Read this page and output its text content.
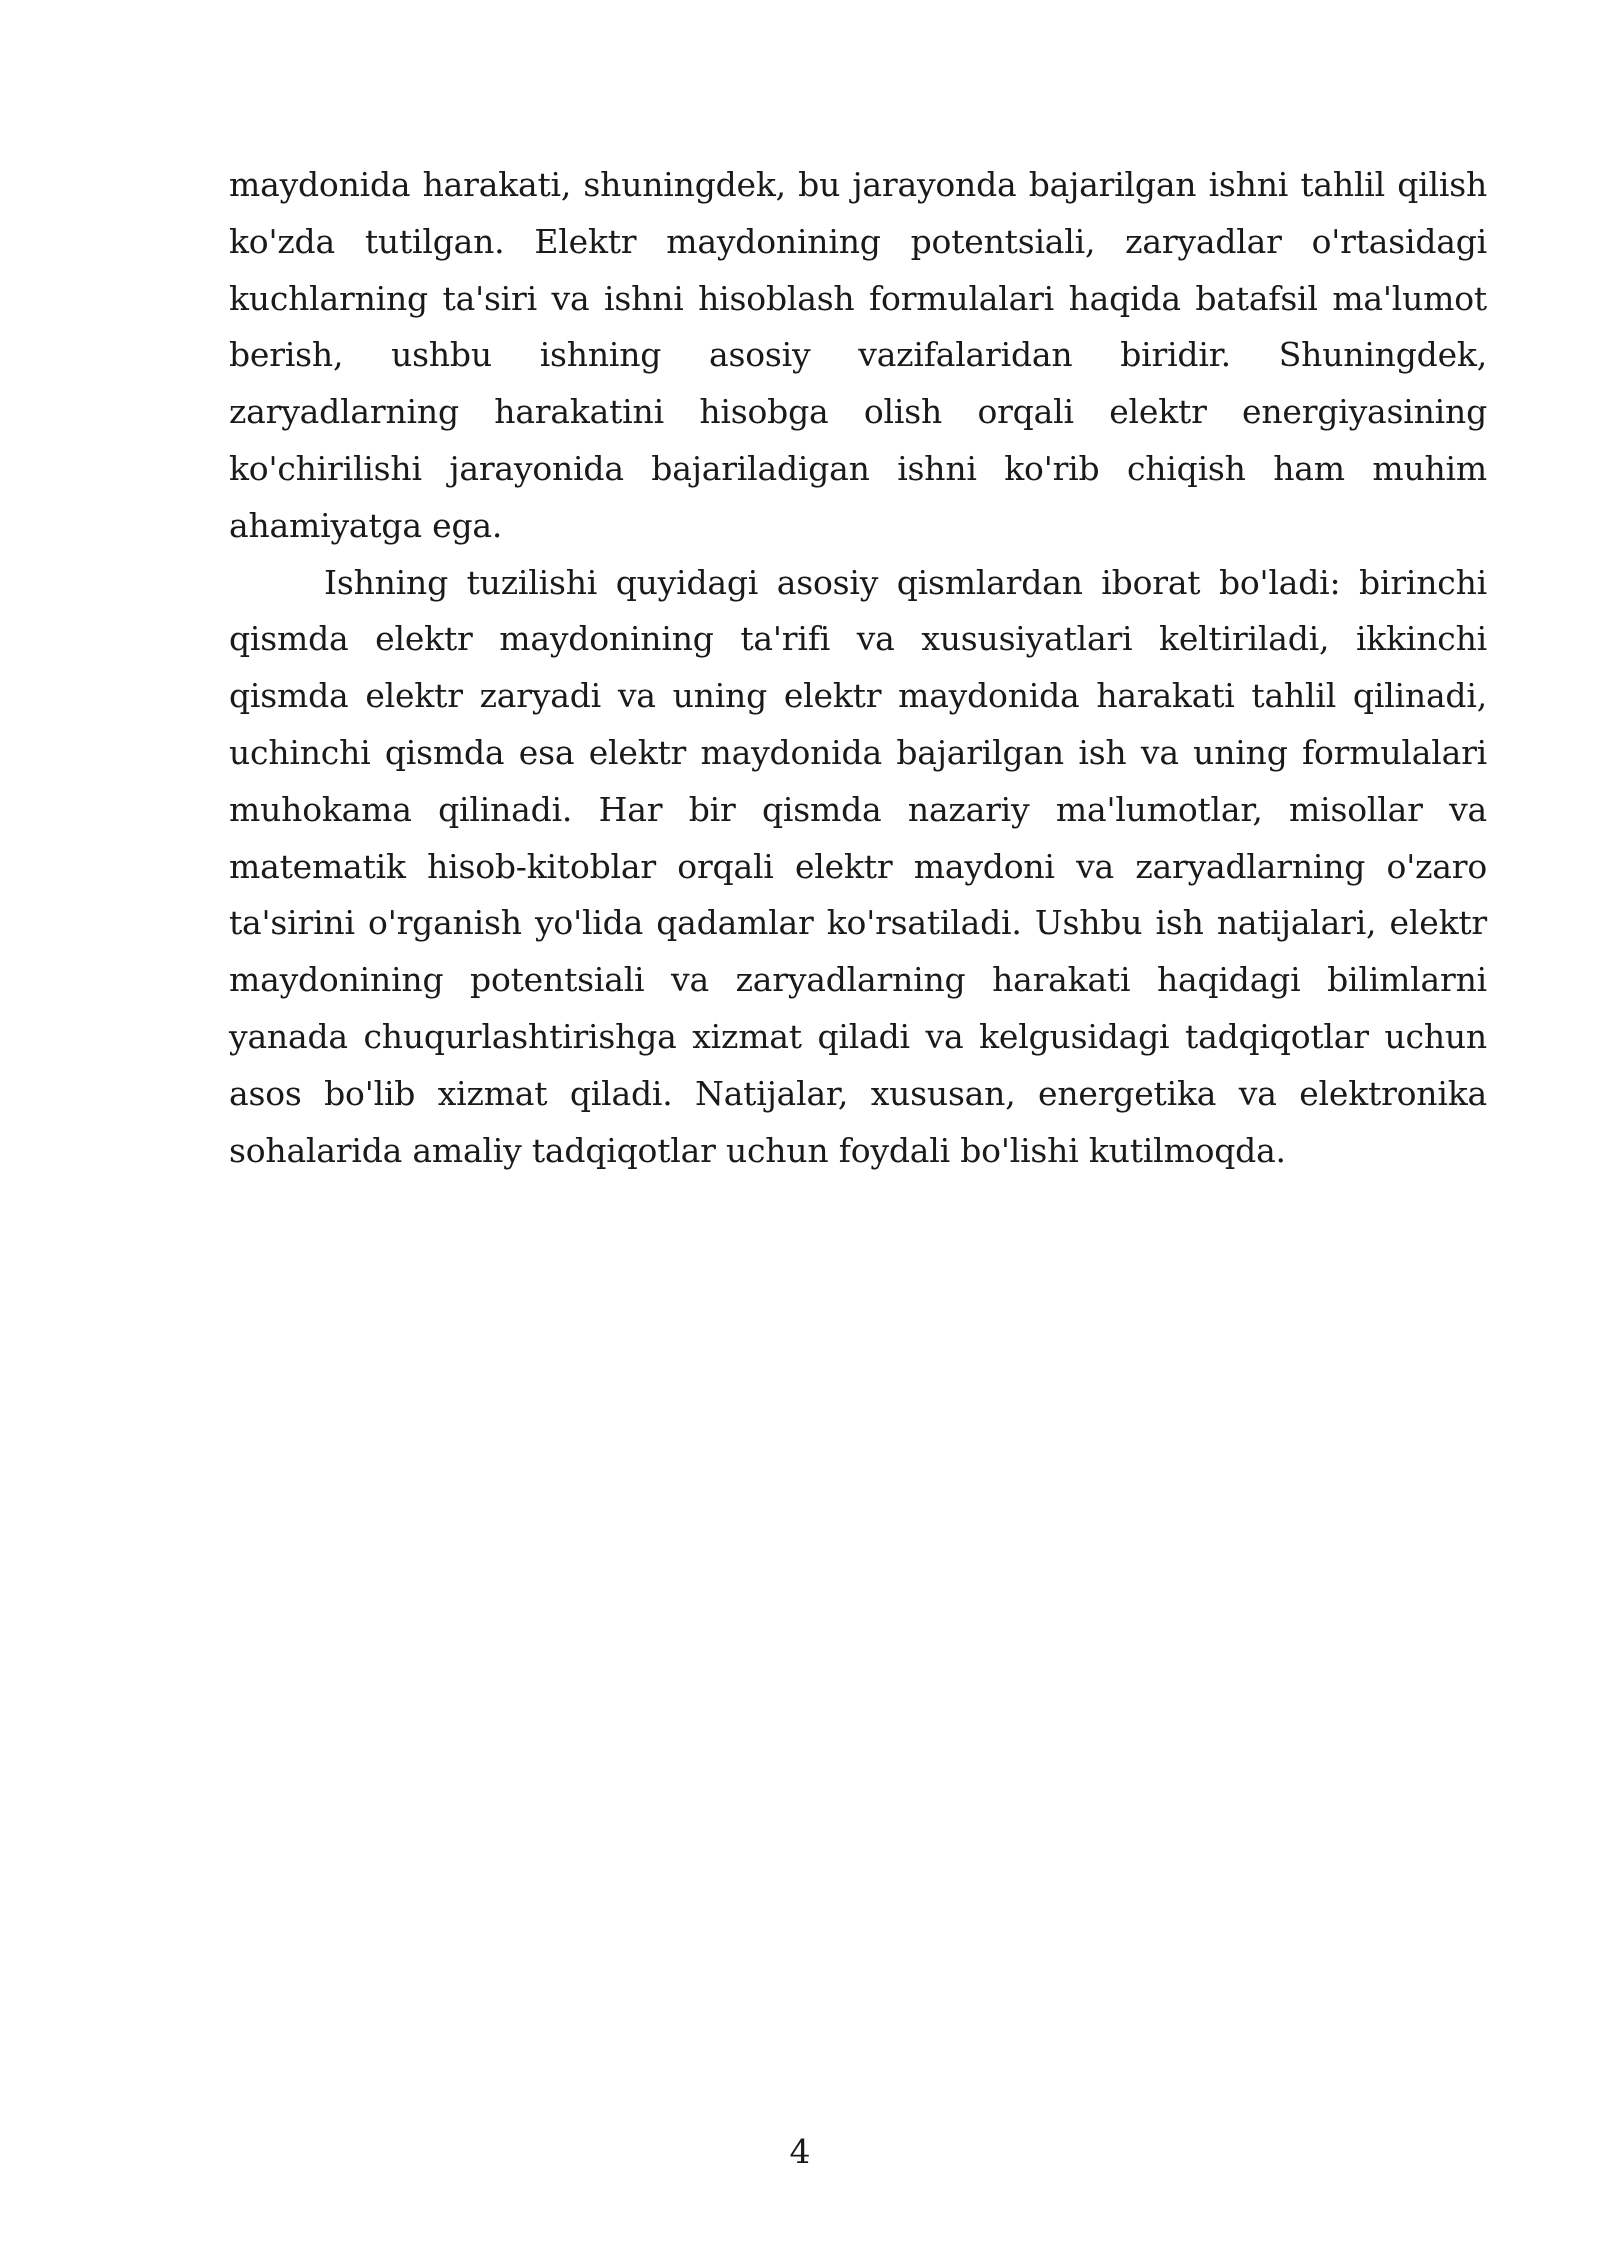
maydonida harakati, shuningdek, bu jarayonda bajarilgan ishni tahlil qilish ko'zda tutilgan. Elektr maydonining potentsiali, zaryadlar o'rtasidagi kuchlarning ta'siri va ishni hisoblash formulalari haqida batafsil ma'lumot berish, ushbu ishning asosiy vazifalaridan biridir. Shuningdek, zaryadlarning harakatini hisobga olish orqali elektr energiyasining ko'chirilishi jarayonida bajariladigan ishni ko'rib chiqish ham muhim ahamiyatga ega.

Ishning tuzilishi quyidagi asosiy qismlardan iborat bo'ladi: birinchi qismda elektr maydonining ta'rifi va xususiyatlari keltiriladi, ikkinchi qismda elektr zaryadi va uning elektr maydonida harakati tahlil qilinadi, uchinchi qismda esa elektr maydonida bajarilgan ish va uning formulalari muhokama qilinadi. Har bir qismda nazariy ma'lumotlar, misollar va matematik hisob-kitoblar orqali elektr maydoni va zaryadlarning o'zaro ta'sirini o'rganish yo'lida qadamlar ko'rsatiladi. Ushbu ish natijalari, elektr maydonining potentsiali va zaryadlarning harakati haqidagi bilimlarni yanada chuqurlashtirishga xizmat qiladi va kelgusidagi tadqiqotlar uchun asos bo'lib xizmat qiladi. Natijalar, xususan, energetika va elektronika sohalarida amaliy tadqiqotlar uchun foydali bo'lishi kutilmoqda.

4
